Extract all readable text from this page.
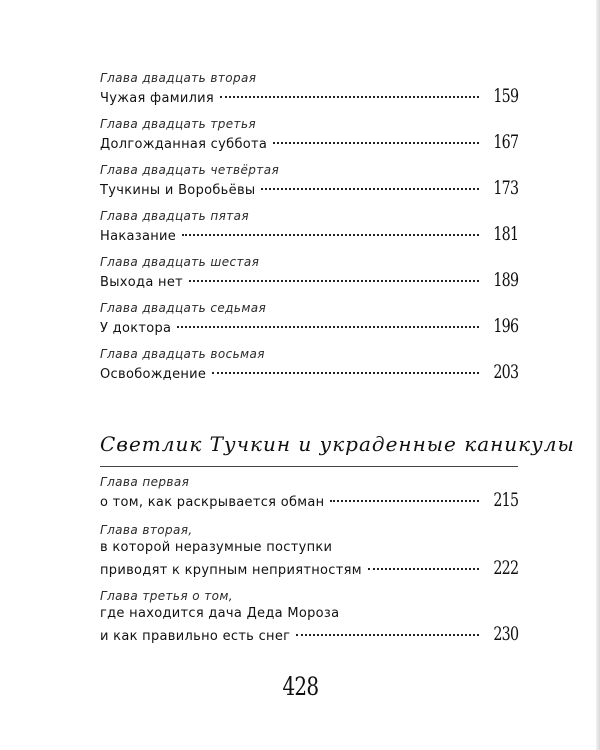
Глава двадцать вторая
Чужая фамилия	159
Глава двадцать третья
Долгожданная суббота	167
Глава двадцать четвёртая
Тучкины и Воробьёвы	173
Глава двадцать пятая
Наказание	181
Глава двадцать шестая
Выхода нет	189
Глава двадцать седьмая
У доктора	196
Глава двадцать восьмая
Освобождение	203
Светлик Тучкин и украденные каникулы
Глава первая
о том, как раскрывается обман	215
Глава вторая,
в которой неразумные поступки
приводят к крупным неприятностям	222
Глава третья о том,
где находится дача Деда Мороза
и как правильно есть снег	230
428
